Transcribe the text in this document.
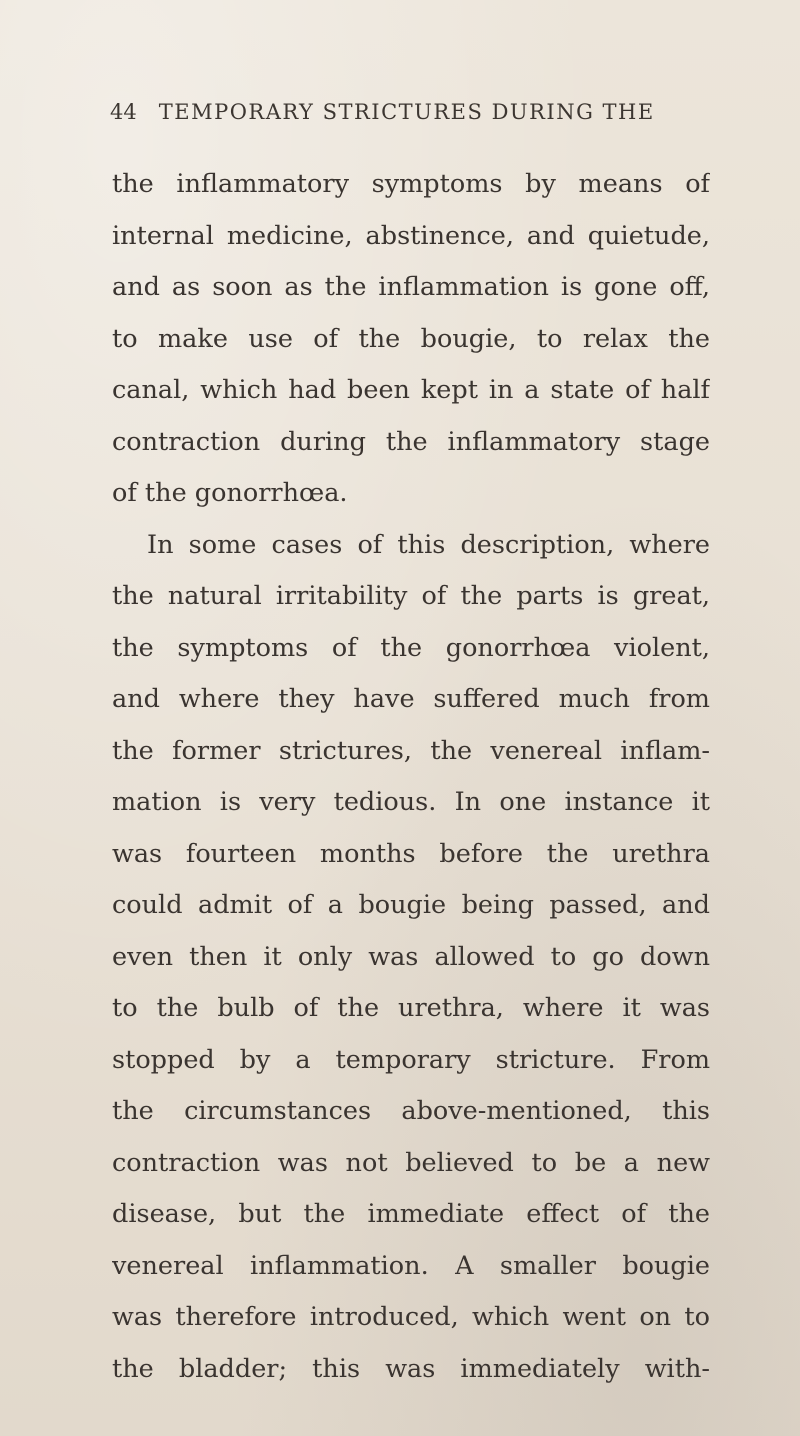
44 TEMPORARY STRICTURES DURING THE
the inflammatory symptoms by means of
internal medicine, abstinence, and quietude,
and as soon as the inflammation is gone off,
to make use of the bougie, to relax the
canal, which had been kept in a state of half
contraction during the inflammatory stage
of the gonorrhœa.
In some cases of this description, where
the natural irritability of the parts is great,
the symptoms of the gonorrhœa violent,
and where they have suffered much from
the former strictures, the venereal inflam-
mation is very tedious. In one instance it
was fourteen months before the urethra
could admit of a bougie being passed, and
even then it only was allowed to go down
to the bulb of the urethra, where it was
stopped by a temporary stricture. From
the circumstances above-mentioned, this
contraction was not believed to be a new
disease, but the immediate effect of the
venereal inflammation. A smaller bougie
was therefore introduced, which went on to
the bladder; this was immediately with-
